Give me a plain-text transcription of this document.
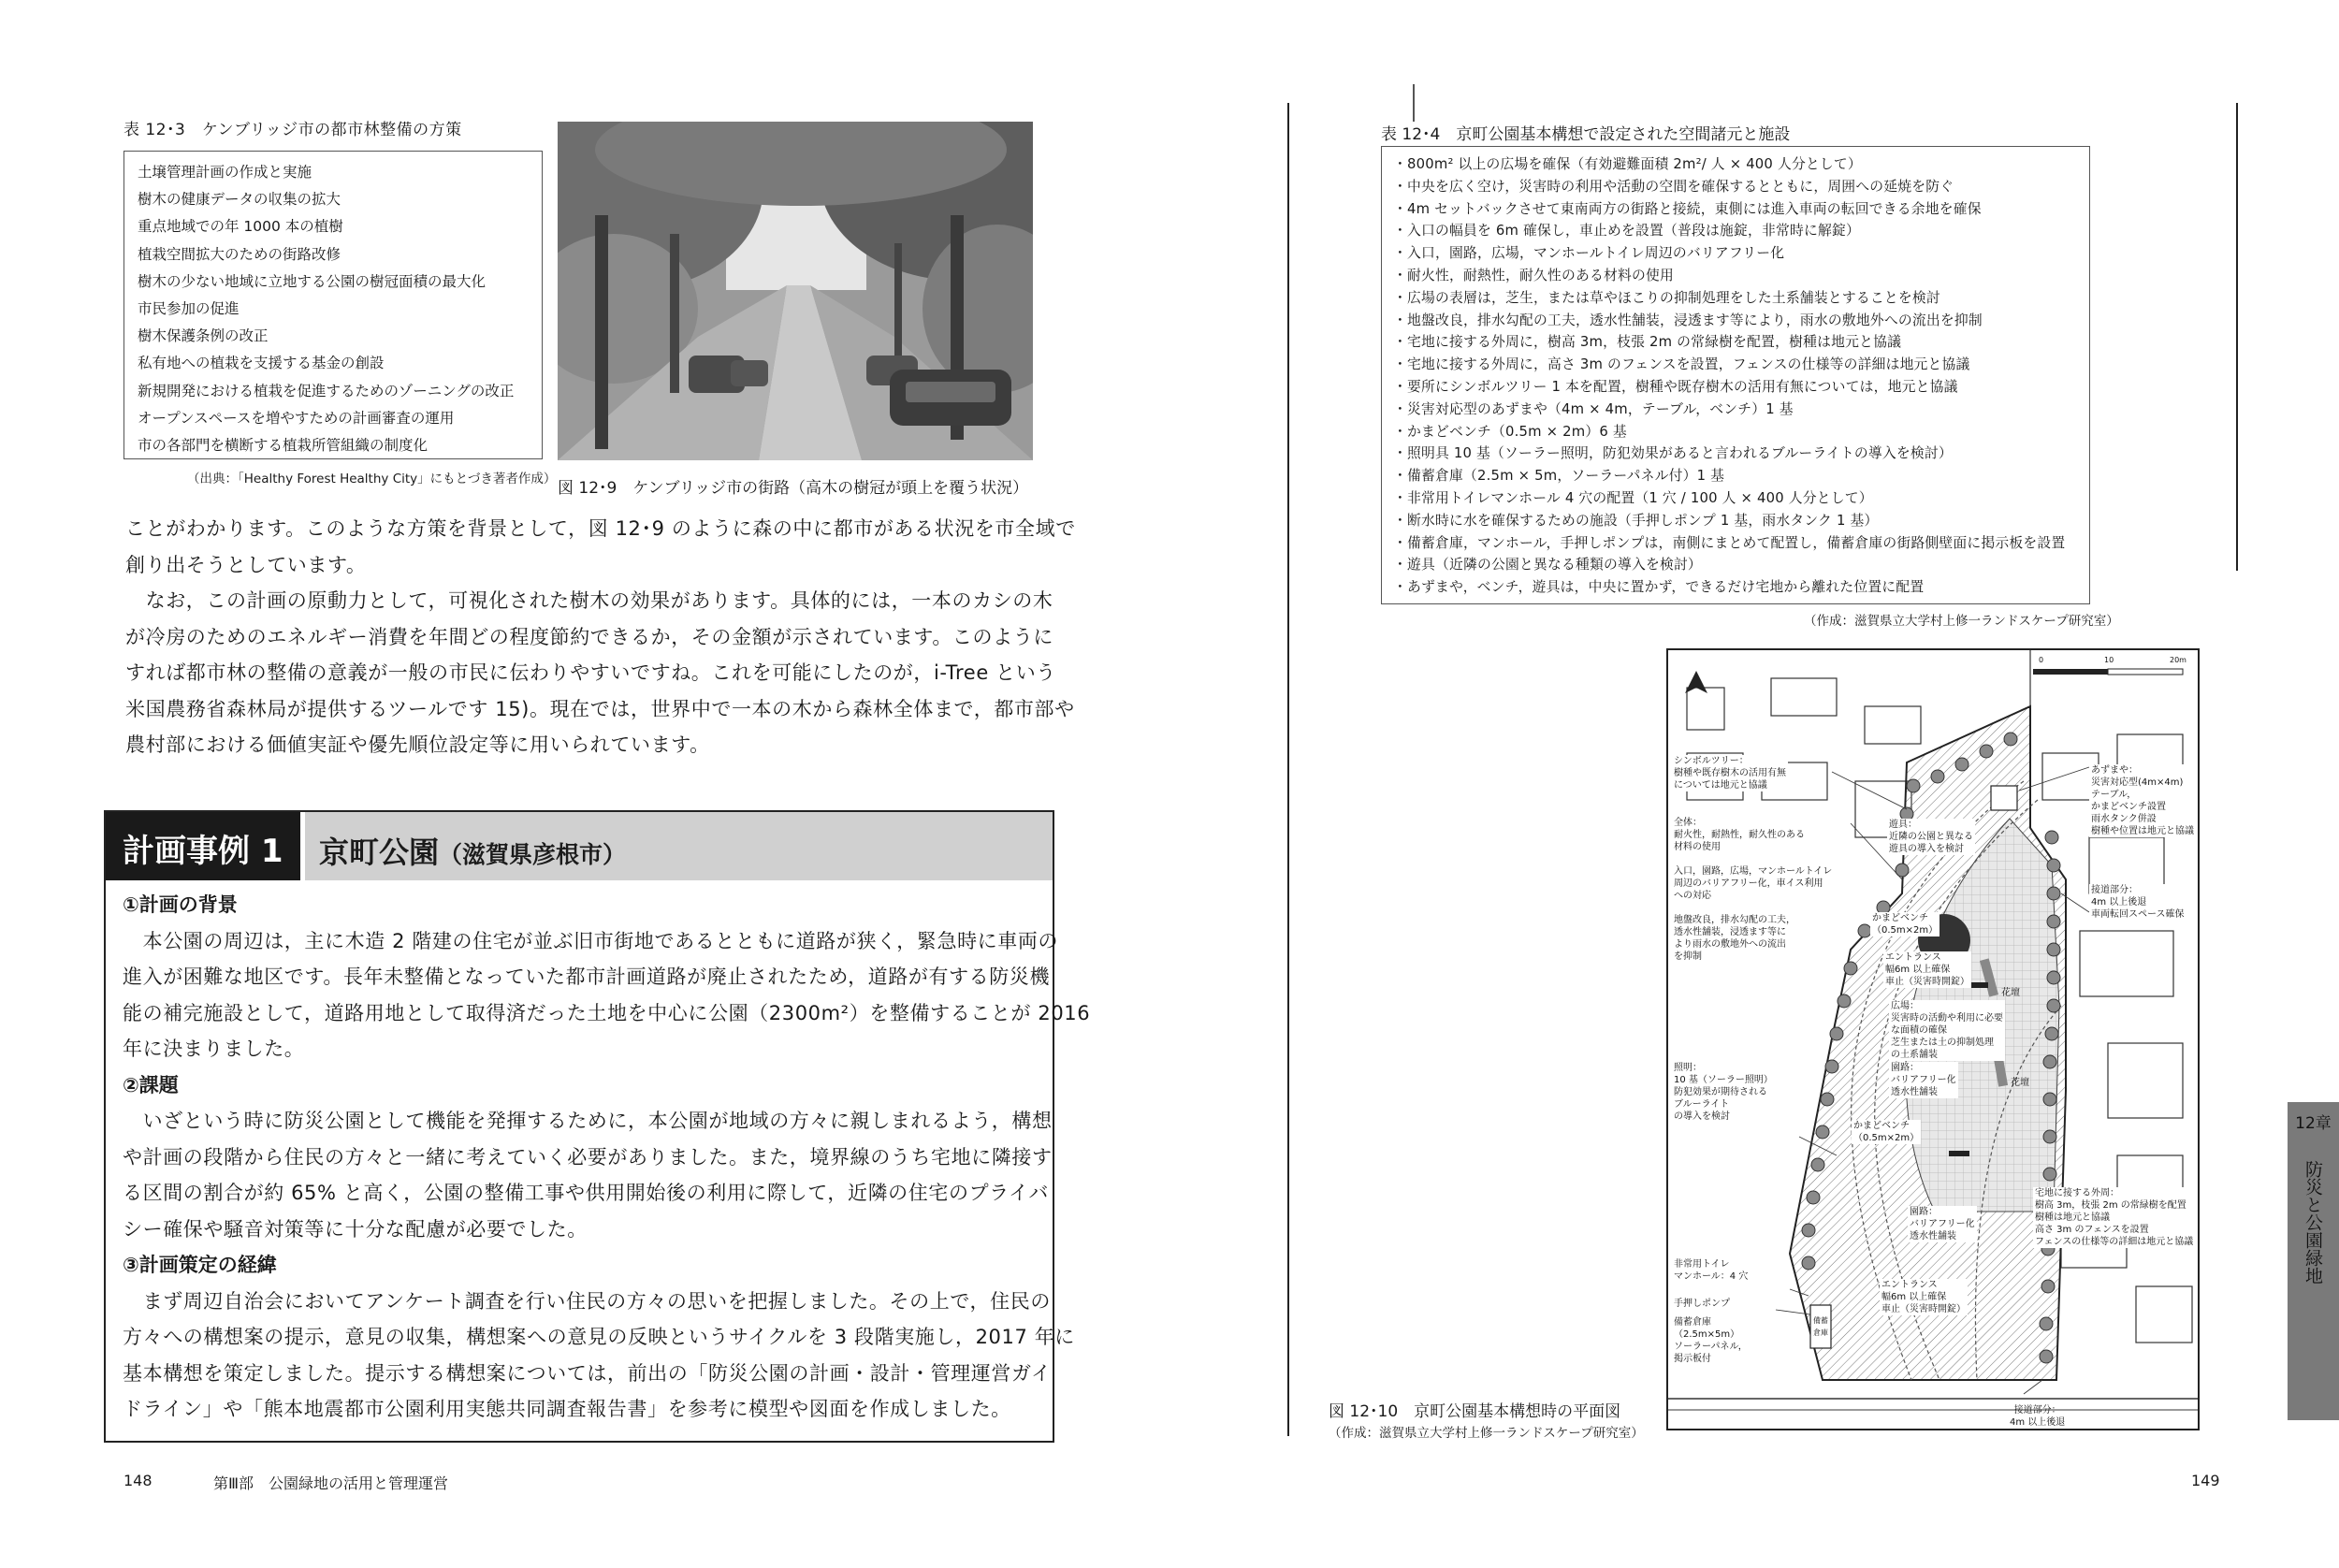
表 12･3　ケンブリッジ市の都市林整備の方策
土壌管理計画の作成と実施
樹木の健康データの収集の拡大
重点地域での年 1000 本の植樹
植栽空間拡大のための街路改修
樹木の少ない地域に立地する公園の樹冠面積の最大化
市民参加の促進
樹木保護条例の改正
私有地への植栽を支援する基金の創設
新規開発における植栽を促進するためのゾーニングの改正
オープンスペースを増やすための計画審査の運用
市の各部門を横断する植栽所管組織の制度化
（出典：「Healthy Forest Healthy City」にもとづき著者作成） 図 12･9　ケンブリッジ市の街路（高木の樹冠が頭上を覆う状況）

ことがわかります。このような方策を背景として，図 12･9 のように森の中に都市がある状況を市全域で

創り出そうとしています。

　なお，この計画の原動力として，可視化された樹木の効果があります。具体的には，一本のカシの木

が冷房のためのエネルギー消費を年間どの程度節約できるか，その金額が示されています。このように

すれば都市林の整備の意義が一般の市民に伝わりやすいですね。これを可能にしたのが，i-Tree という

米国農務省森林局が提供するツールです 15)。現在では，世界中で一本の木から森林全体まで，都市部や

農村部における価値実証や優先順位設定等に用いられています。

計画事例 1 京町公園（滋賀県彦根市）
①計画の背景
　本公園の周辺は，主に木造 2 階建の住宅が並ぶ旧市街地であるとともに道路が狭く，緊急時に車両の
進入が困難な地区です。長年未整備となっていた都市計画道路が廃止されたため，道路が有する防災機
能の補完施設として，道路用地として取得済だった土地を中心に公園（2300m²）を整備することが 2016
年に決まりました。
②課題
　いざという時に防災公園として機能を発揮するために，本公園が地域の方々に親しまれるよう，構想
や計画の段階から住民の方々と一緒に考えていく必要がありました。また，境界線のうち宅地に隣接す
る区間の割合が約 65% と高く，公園の整備工事や供用開始後の利用に際して，近隣の住宅のプライバ
シー確保や騒音対策等に十分な配慮が必要でした。
③計画策定の経緯
　まず周辺自治会においてアンケート調査を行い住民の方々の思いを把握しました。その上で，住民の
方々への構想案の提示，意見の収集，構想案への意見の反映というサイクルを 3 段階実施し，2017 年に
基本構想を策定しました。提示する構想案については，前出の「防災公園の計画・設計・管理運営ガイ
ドライン」や「熊本地震都市公園利用実態共同調査報告書」を参考に模型や図面を作成しました。
148	第Ⅲ部　公園緑地の活用と管理運営
表 12･4　京町公園基本構想で設定された空間諸元と施設
・800m² 以上の広場を確保（有効避難面積 2m²/ 人 × 400 人分として）
・中央を広く空け，災害時の利用や活動の空間を確保するとともに，周囲への延焼を防ぐ
・4m セットバックさせて東南両方の街路と接続，東側には進入車両の転回できる余地を確保
・入口の幅員を 6m 確保し，車止めを設置（普段は施錠，非常時に解錠）
・入口，園路，広場，マンホールトイレ周辺のバリアフリー化
・耐火性，耐熱性，耐久性のある材料の使用
・広場の表層は，芝生，または草やほこりの抑制処理をした土系舗装とすることを検討
・地盤改良，排水勾配の工夫，透水性舗装，浸透ます等により，雨水の敷地外への流出を抑制
・宅地に接する外周に，樹高 3m，枝張 2m の常緑樹を配置，樹種は地元と協議
・宅地に接する外周に，高さ 3m のフェンスを設置，フェンスの仕様等の詳細は地元と協議
・要所にシンボルツリー 1 本を配置，樹種や既存樹木の活用有無については，地元と協議
・災害対応型のあずまや（4m × 4m，テーブル，ベンチ）1 基
・かまどベンチ（0.5m × 2m）6 基
・照明具 10 基（ソーラー照明，防犯効果があると言われるブルーライトの導入を検討）
・備蓄倉庫（2.5m × 5m，ソーラーパネル付）1 基
・非常用トイレマンホール 4 穴の配置（1 穴 / 100 人 × 400 人分として）
・断水時に水を確保するための施設（手押しポンプ 1 基，雨水タンク 1 基）
・備蓄倉庫，マンホール，手押しポンプは，南側にまとめて配置し，備蓄倉庫の街路側壁面に掲示板を設置
・遊具（近隣の公園と異なる種類の導入を検討）
・あずまや，ベンチ，遊具は，中央に置かず，できるだけ宅地から離れた位置に配置
（作成：滋賀県立大学村上修一ランドスケープ研究室）
0	10	20m
シンボルツリー：
樹種や既存樹木の活用有無
については地元と協議
全体：
耐火性，耐熱性，耐久性のある
材料の使用

入口，園路，広場，マンホールトイレ
周辺のバリアフリー化，車イス利用
への対応

地盤改良，排水勾配の工夫，
透水性舗装，浸透ます等に
より雨水の敷地外への流出
を抑制
照明：
10 基（ソーラー照明）
防犯効果が期待される
ブルーライト
の導入を検討
非常用トイレ
マンホール：4 穴
手押しポンプ
備蓄倉庫
（2.5m×5m）
ソーラーパネル，
掲示板付
備蓄倉庫
遊具：
近隣の公園と異なる
遊具の導入を検討
かまどベンチ
（0.5m×2m）
エントランス
幅6m 以上確保
車止（災害時開錠）
広場：
災害時の活動や利用に必要
な面積の確保
芝生または土の抑制処理
の土系舗装
園路：
バリアフリー化
透水性舗装
かまどベンチ
（0.5m×2m）
園路：
バリアフリー化
透水性舗装
エントランス
幅6m 以上確保
車止（災害時開錠）
花壇
花壇
あずまや：
災害対応型(4m×4m)
テーブル，
かまどベンチ設置
雨水タンク併設
樹種や位置は地元と協議
接道部分：
4m 以上後退
車両転回スペース確保
宅地に接する外周：
樹高 3m，枝張 2m の常緑樹を配置
樹種は地元と協議
高さ 3m のフェンスを設置
フェンスの仕様等の詳細は地元と協議
接道部分：
4m 以上後退
図 12･10　京町公園基本構想時の平面図
（作成：滋賀県立大学村上修一ランドスケープ研究室）
12章
防災と公園緑地
149
